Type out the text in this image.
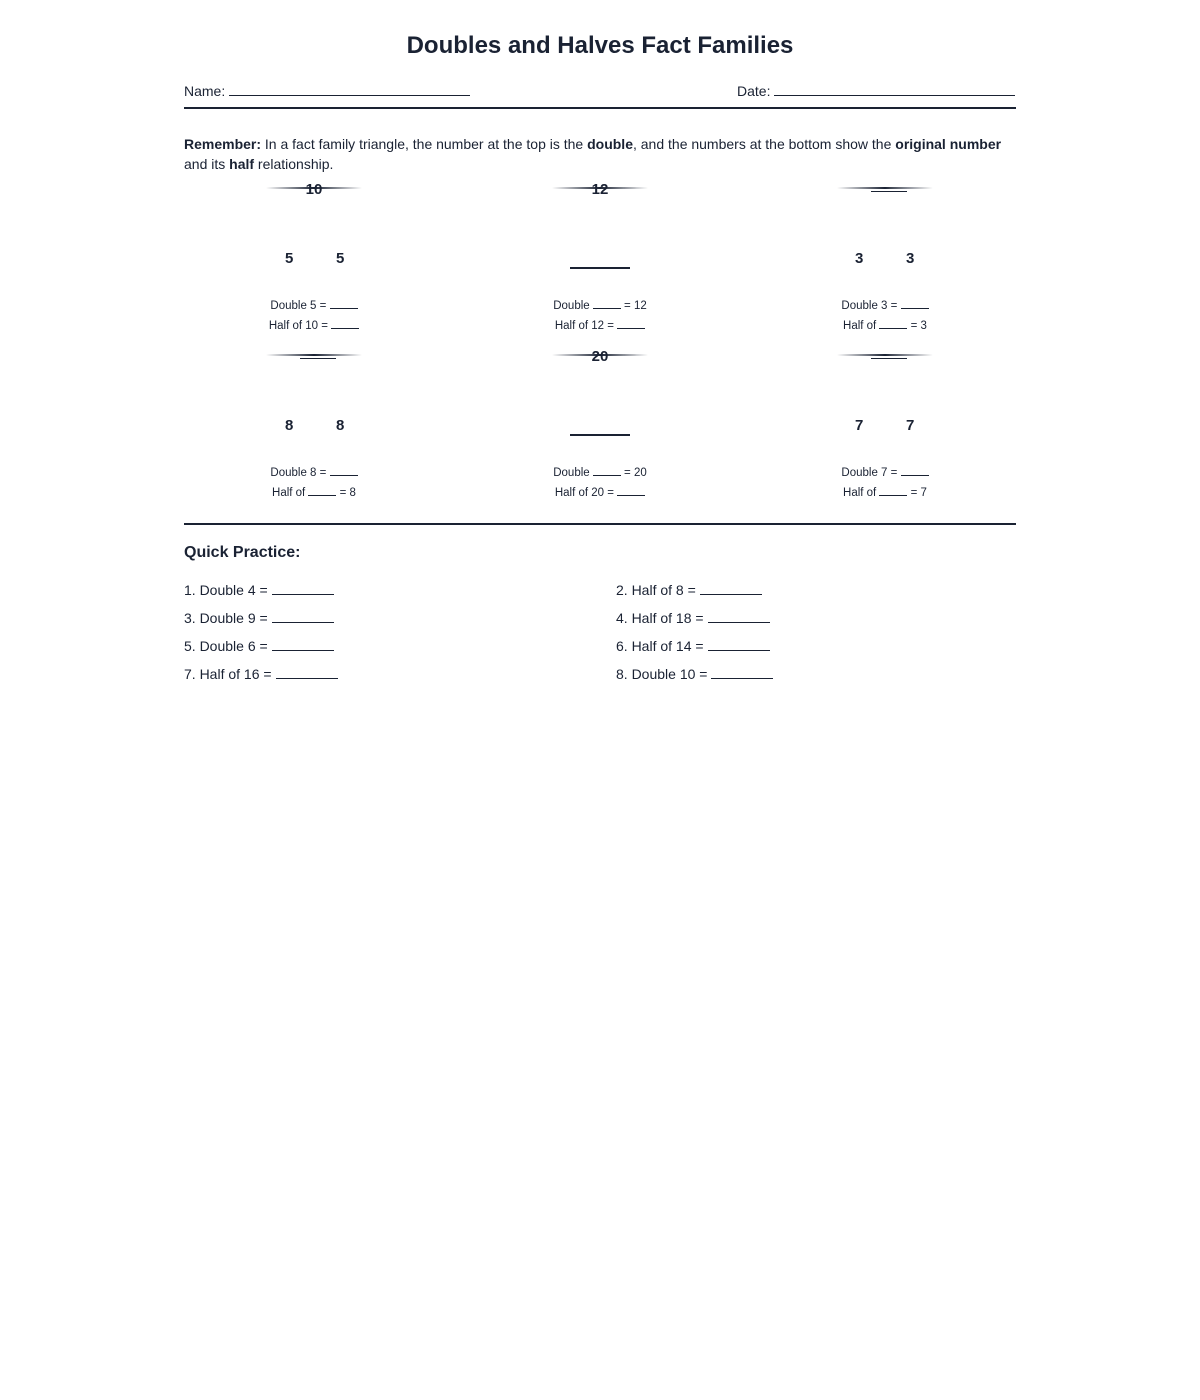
Doubles and Halves Fact Families
Name:	Date:
Remember: In a fact family triangle, the number at the top is the double, and the numbers at the bottom show the original number and its half relationship.
10
5	5
Double 5 =
Half of 10 =
12
Double  = 12
Half of 12 =
3	3
Double 3 =
Half of  = 3
8	8
Double 8 =
Half of  = 8
20
Double  = 20
Half of 20 =
7	7
Double 7 =
Half of  = 7
Quick Practice:
1. Double 4 =	2. Half of 8 =
3. Double 9 =	4. Half of 18 =
5. Double 6 =	6. Half of 14 =
7. Half of 16 =	8. Double 10 =
